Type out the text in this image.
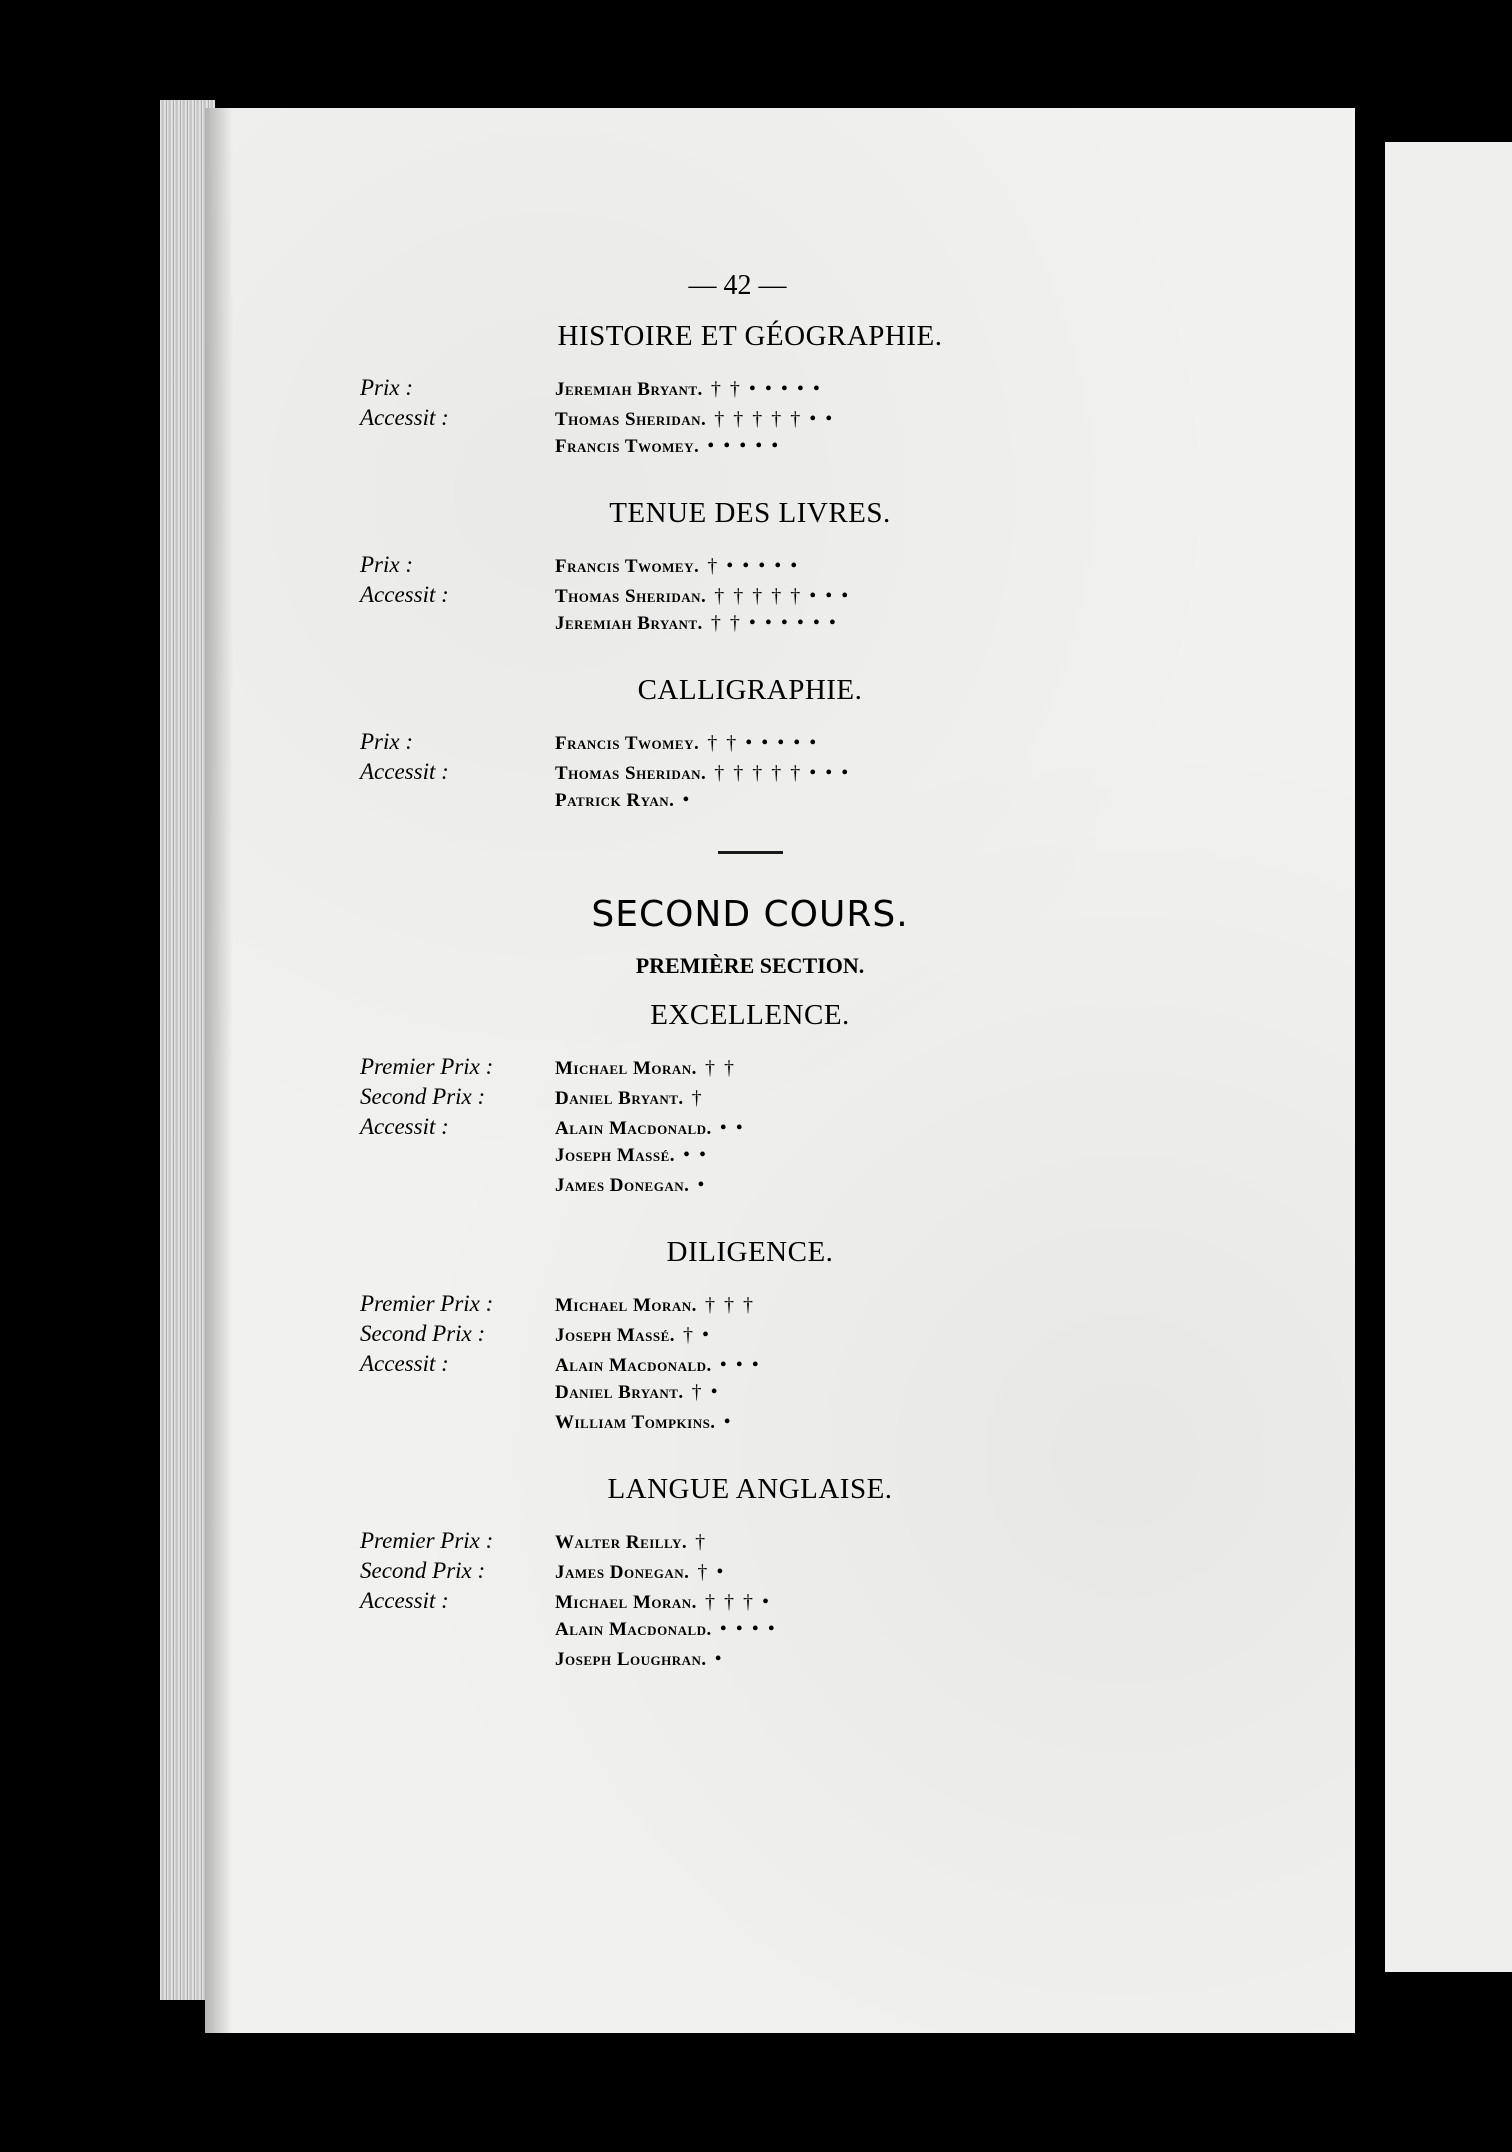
— 42 —
HISTOIRE ET GÉOGRAPHIE.
Prix :	Jeremiah Bryant. † † • • • • •
Accessit :	Thomas Sheridan. † † † † † • •
Francis Twomey. • • • • •
TENUE DES LIVRES.
Prix :	Francis Twomey. † • • • • •
Accessit :	Thomas Sheridan. † † † † † • • •
Jeremiah Bryant. † † • • • • • •
CALLIGRAPHIE.
Prix :	Francis Twomey. † † • • • • •
Accessit :	Thomas Sheridan. † † † † † • • •
Patrick Ryan. •
SECOND COURS.
PREMIÈRE SECTION.
EXCELLENCE.
Premier Prix :	Michael Moran. † †
Second Prix :	Daniel Bryant. †
Accessit :	Alain Macdonald. • •
Joseph Massé. • •
James Donegan. •
DILIGENCE.
Premier Prix :	Michael Moran. † † †
Second Prix :	Joseph Massé. † •
Accessit :	Alain Macdonald. • • •
Daniel Bryant. † •
William Tompkins. •
LANGUE ANGLAISE.
Premier Prix :	Walter Reilly. †
Second Prix :	James Donegan. † •
Accessit :	Michael Moran. † † † •
Alain Macdonald. • • • •
Joseph Loughran. •
